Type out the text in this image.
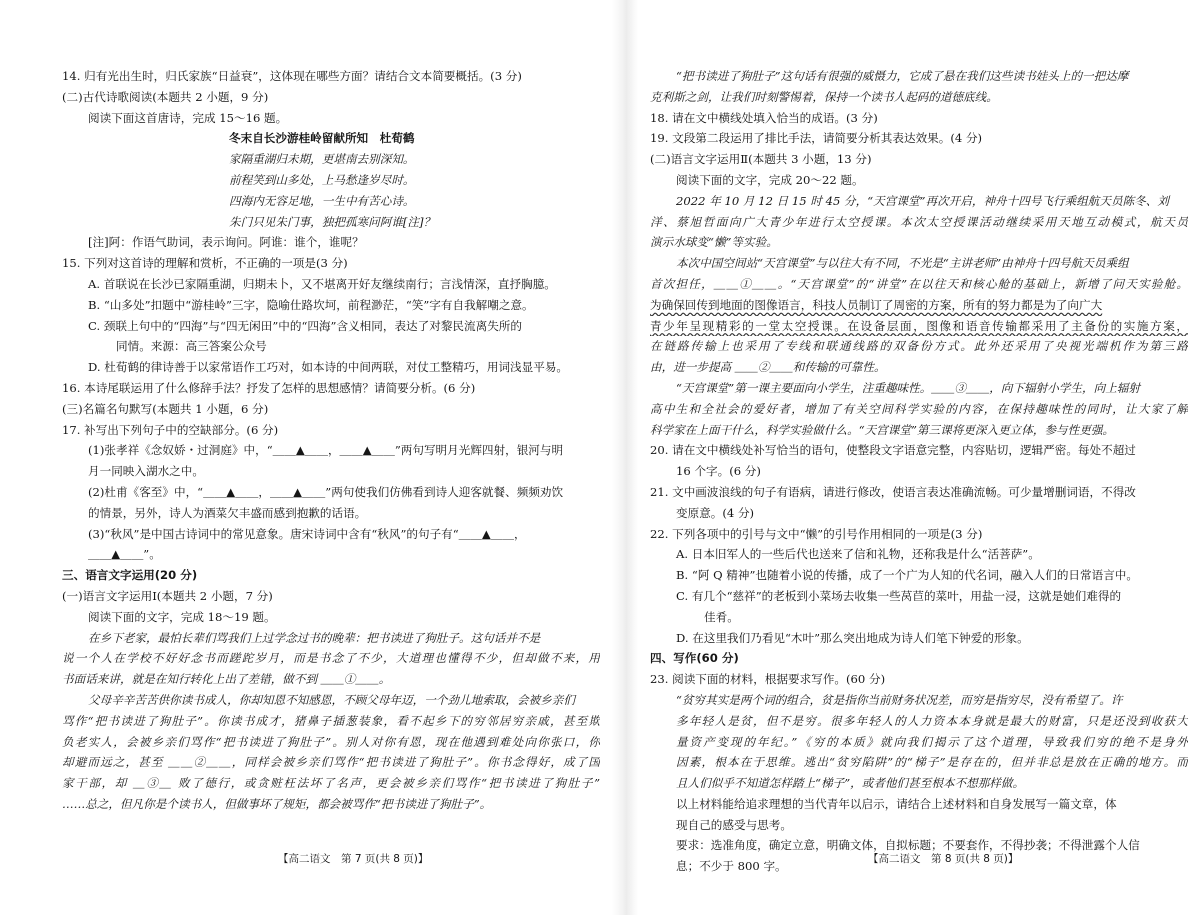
14. 归有光出生时，归氏家族“日益衰”，这体现在哪些方面？请结合文本简要概括。(3 分)
(二)古代诗歌阅读(本题共 2 小题，9 分)
阅读下面这首唐诗，完成 15～16 题。
冬末自长沙游桂岭留献所知　杜荀鹤
家隔重湖归未期，更堪南去别深知。
前程笑到山多处，上马愁逢岁尽时。
四海内无容足地，一生中有苦心诗。
朱门只见朱门事，独把孤寒问阿谁[注]？
[注]阿：作语气助词，表示询问。阿谁：谁个，谁呢？
15. 下列对这首诗的理解和赏析，不正确的一项是(3 分)
A. 首联说在长沙已家隔重湖，归期未卜，又不堪离开好友继续南行；言浅情深，直抒胸臆。
B. “山多处”扣题中“游桂岭”三字，隐喻仕路坎坷，前程渺茫，“笑”字有自我解嘲之意。
C. 颈联上句中的“四海”与“四无闲田”中的“四海”含义相同，表达了对黎民流离失所的
同情。来源：高三答案公众号
D. 杜荀鹤的律诗善于以家常语作工巧对，如本诗的中间两联，对仗工整精巧，用词浅显平易。
16. 本诗尾联运用了什么修辞手法？抒发了怎样的思想感情？请简要分析。(6 分)
(三)名篇名句默写(本题共 1 小题，6 分)
17. 补写出下列句子中的空缺部分。(6 分)
(1)张孝祥《念奴娇・过洞庭》中，“＿＿▲＿＿，＿＿▲＿＿”两句写明月光辉四射，银河与明
月一同映入湖水之中。
(2)杜甫《客至》中，“＿＿▲＿＿，＿＿▲＿＿”两句使我们仿佛看到诗人迎客就餐、频频劝饮
的情景，另外，诗人为酒菜欠丰盛而感到抱歉的话语。
(3)“秋风”是中国古诗词中的常见意象。唐宋诗词中含有“秋风”的句子有“＿＿▲＿＿，
＿＿▲＿＿”。
三、语言文字运用(20 分)
(一)语言文字运用Ⅰ(本题共 2 小题，7 分)
阅读下面的文字，完成 18～19 题。
在乡下老家，最怕长辈们骂我们上过学念过书的晚辈：把书读进了狗肚子。这句话并不是
说一个人在学校不好好念书而蹉跎岁月，而是书念了不少，大道理也懂得不少，但却做不来，用
书面话来讲，就是在知行转化上出了差错，做不到 ＿＿①＿＿。
父母辛辛苦苦供你读书成人，你却知恩不知感恩，不顾父母年迈，一个劲儿地索取，会被乡亲们
骂作“把书读进了狗肚子”。你读书成才，猪鼻子插葱装象，看不起乡下的穷邻居穷亲戚，甚至欺
负老实人，会被乡亲们骂作“把书读进了狗肚子”。别人对你有恩，现在他遇到难处向你张口，你
却避而远之，甚至 ＿＿②＿＿，同样会被乡亲们骂作“把书读进了狗肚子”。你书念得好，成了国
家干部，却 ＿③＿ 败了德行，或贪赃枉法坏了名声，更会被乡亲们骂作“把书读进了狗肚子”
……总之，但凡你是个读书人，但做事坏了规矩，都会被骂作“把书读进了狗肚子”。
“把书读进了狗肚子”这句话有很强的威慑力，它成了悬在我们这些读书娃头上的一把达摩
克利斯之剑，让我们时刻警惕着，保持一个读书人起码的道德底线。
18. 请在文中横线处填入恰当的成语。(3 分)
19. 文段第二段运用了排比手法，请简要分析其表达效果。(4 分)
(二)语言文字运用Ⅱ(本题共 3 小题，13 分)
阅读下面的文字，完成 20～22 题。
2022 年 10 月 12 日 15 时 45 分，“天宫课堂”再次开启，神舟十四号飞行乘组航天员陈冬、刘
洋、蔡旭哲面向广大青少年进行太空授课。本次太空授课活动继续采用天地互动模式，航天员
演示水球变“懒”等实验。
本次中国空间站“天宫课堂”与以往大有不同，不光是“主讲老师”由神舟十四号航天员乘组
首次担任，＿＿①＿＿。“天宫课堂”的“讲堂”在以往天和核心舱的基础上，新增了问天实验舱。
为确保回传到地面的图像语言，科技人员制订了周密的方案，所有的努力都是为了向广大
青少年呈现精彩的一堂太空授课。在设备层面，图像和语音传输都采用了主备份的实施方案，
在链路传输上也采用了专线和联通线路的双备份方式。此外还采用了央视光端机作为第三路
由，进一步提高 ＿＿②＿＿和传输的可靠性。
“天宫课堂”第一课主要面向小学生，注重趣味性。＿＿③＿＿，向下辐射小学生，向上辐射
高中生和全社会的爱好者，增加了有关空间科学实验的内容，在保持趣味性的同时，让大家了解
科学家在上面干什么，科学实验做什么。“天宫课堂”第三课将更深入更立体，参与性更强。
20. 请在文中横线处补写恰当的语句，使整段文字语意完整，内容贴切，逻辑严密。每处不超过
16 个字。(6 分)
21. 文中画波浪线的句子有语病，请进行修改，使语言表达准确流畅。可少量增删词语，不得改
变原意。(4 分)
22. 下列各项中的引号与文中“懒”的引号作用相同的一项是(3 分)
A. 日本旧军人的一些后代也送来了信和礼物，还称我是什么“活菩萨”。
B. “阿 Q 精神”也随着小说的传播，成了一个广为人知的代名词，融入人们的日常语言中。
C. 有几个“慈祥”的老板到小菜场去收集一些莴苣的菜叶，用盐一浸，这就是她们难得的
佳肴。
D. 在这里我们乃看见“木叶”那么突出地成为诗人们笔下钟爱的形象。
四、写作(60 分)
23. 阅读下面的材料，根据要求写作。(60 分)
“贫穷其实是两个词的组合，贫是指你当前财务状况差，而穷是指穷尽，没有希望了。许
多年轻人是贫，但不是穷。很多年轻人的人力资本本身就是最大的财富，只是还没到收获大
量资产变现的年纪。”《穷的本质》就向我们揭示了这个道理，导致我们穷的绝不是身外
因素，根本在于思维。逃出“贫穷陷阱”的“梯子”是存在的，但并非总是放在正确的地方。而
且人们似乎不知道怎样踏上“梯子”，或者他们甚至根本不想那样做。
以上材料能给追求理想的当代青年以启示，请结合上述材料和自身发展写一篇文章，体
现自己的感受与思考。
要求：选准角度，确定立意，明确文体，自拟标题；不要套作，不得抄袭；不得泄露个人信
息；不少于 800 字。
【高二语文　第 7 页(共 8 页)】	【高二语文　第 8 页(共 8 页)】
